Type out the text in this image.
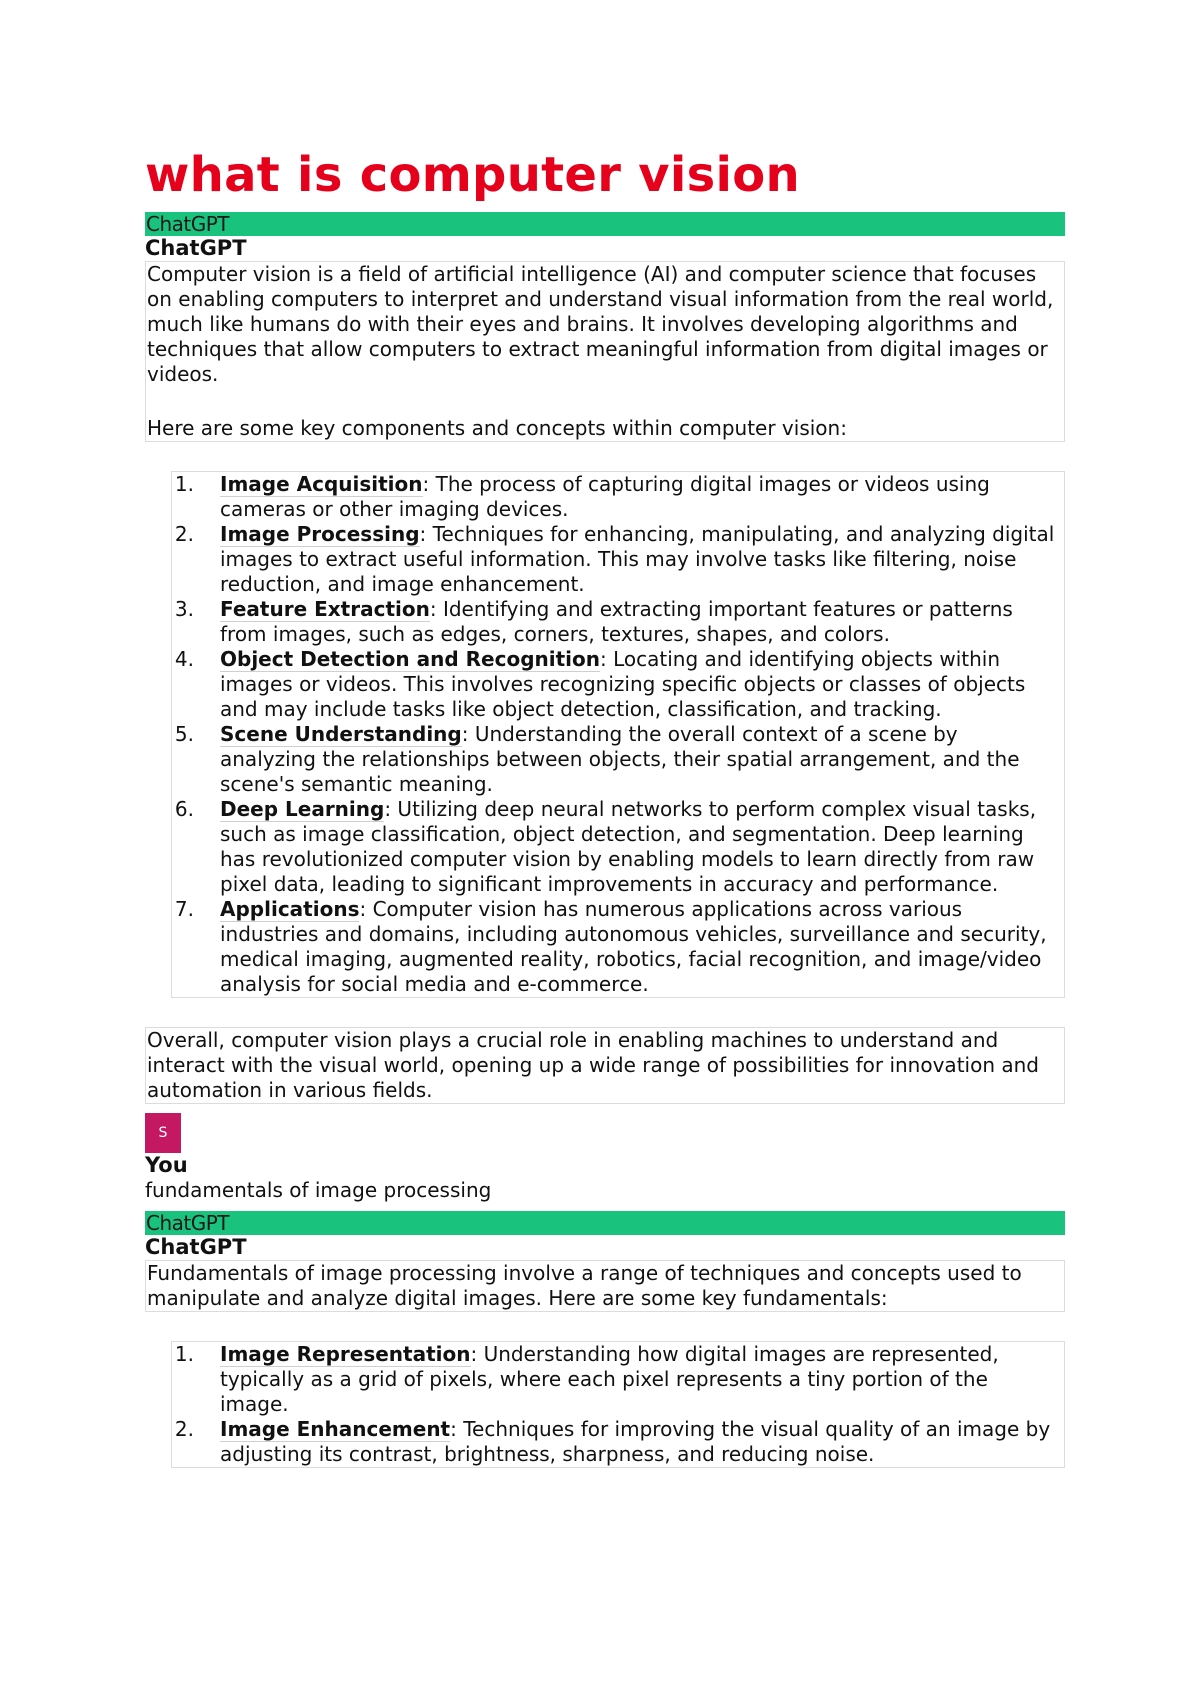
what is computer vision
ChatGPT
ChatGPT

Computer vision is a field of artificial intelligence (AI) and computer science that focuses on enabling computers to interpret and understand visual information from the real world, much like humans do with their eyes and brains. It involves developing algorithms and techniques that allow computers to extract meaningful information from digital images or videos.

Here are some key components and concepts within computer vision:

1.	Image Acquisition: The process of capturing digital images or videos using cameras or other imaging devices.
2.	Image Processing: Techniques for enhancing, manipulating, and analyzing digital images to extract useful information. This may involve tasks like filtering, noise reduction, and image enhancement.
3.	Feature Extraction: Identifying and extracting important features or patterns from images, such as edges, corners, textures, shapes, and colors.
4.	Object Detection and Recognition: Locating and identifying objects within images or videos. This involves recognizing specific objects or classes of objects and may include tasks like object detection, classification, and tracking.
5.	Scene Understanding: Understanding the overall context of a scene by analyzing the relationships between objects, their spatial arrangement, and the scene's semantic meaning.
6.	Deep Learning: Utilizing deep neural networks to perform complex visual tasks, such as image classification, object detection, and segmentation. Deep learning has revolutionized computer vision by enabling models to learn directly from raw pixel data, leading to significant improvements in accuracy and performance.
7.	Applications: Computer vision has numerous applications across various industries and domains, including autonomous vehicles, surveillance and security, medical imaging, augmented reality, robotics, facial recognition, and image/video analysis for social media and e-commerce.

Overall, computer vision plays a crucial role in enabling machines to understand and interact with the visual world, opening up a wide range of possibilities for innovation and automation in various fields.

S
You
fundamentals of image processing
ChatGPT
ChatGPT

Fundamentals of image processing involve a range of techniques and concepts used to manipulate and analyze digital images. Here are some key fundamentals:

1.	Image Representation: Understanding how digital images are represented, typically as a grid of pixels, where each pixel represents a tiny portion of the image.
2.	Image Enhancement: Techniques for improving the visual quality of an image by adjusting its contrast, brightness, sharpness, and reducing noise.
